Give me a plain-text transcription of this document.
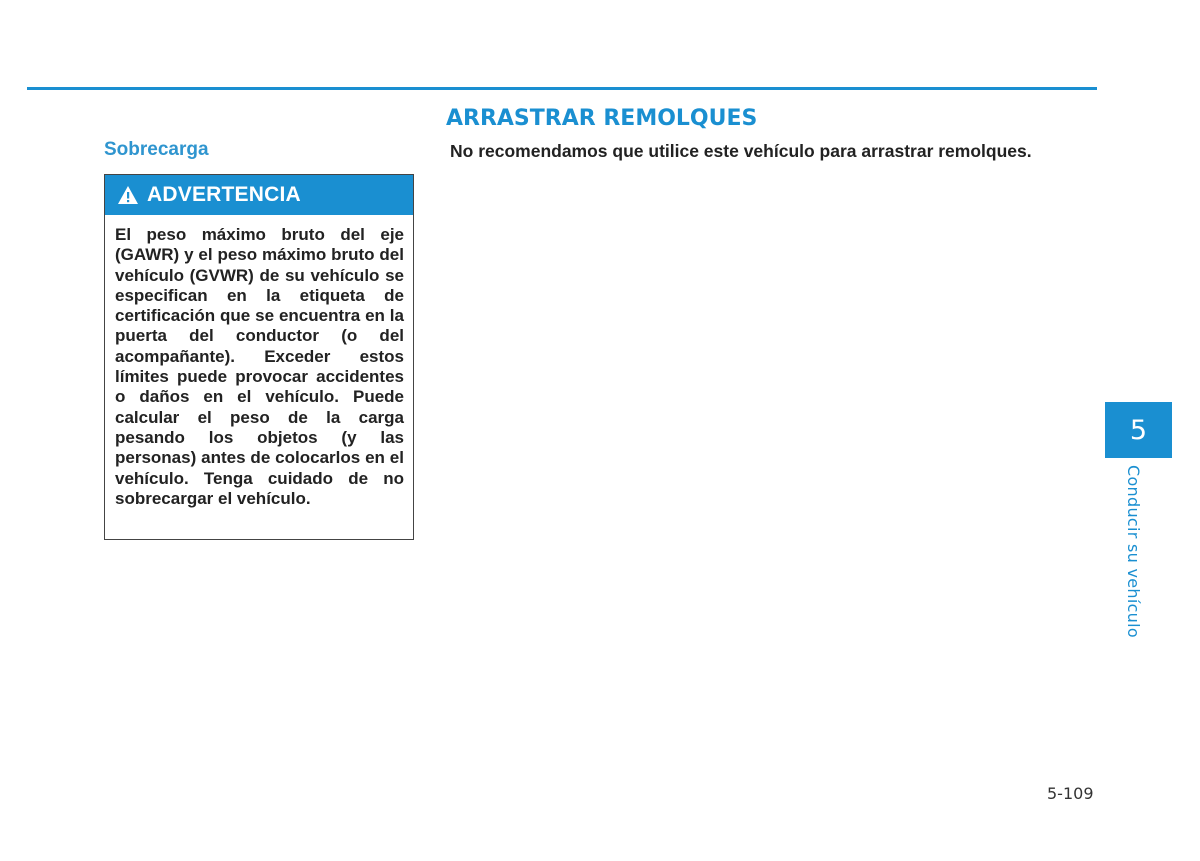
ARRASTRAR REMOLQUES
No recomendamos que utilice este vehículo para arrastrar remolques.
Sobrecarga
ADVERTENCIA
El peso máximo bruto del eje (GAWR) y el peso máximo bruto del vehículo (GVWR) de su vehículo se especifican en la etiqueta de certificación que se encuentra en la puerta del conductor (o del acompañante). Exceder estos límites puede provocar accidentes o daños en el vehículo. Puede calcular el peso de la carga pesando los objetos (y las personas) antes de colocarlos en el vehículo. Tenga cuidado de no sobrecargar el vehículo.
5
Conducir su vehículo
5-109
